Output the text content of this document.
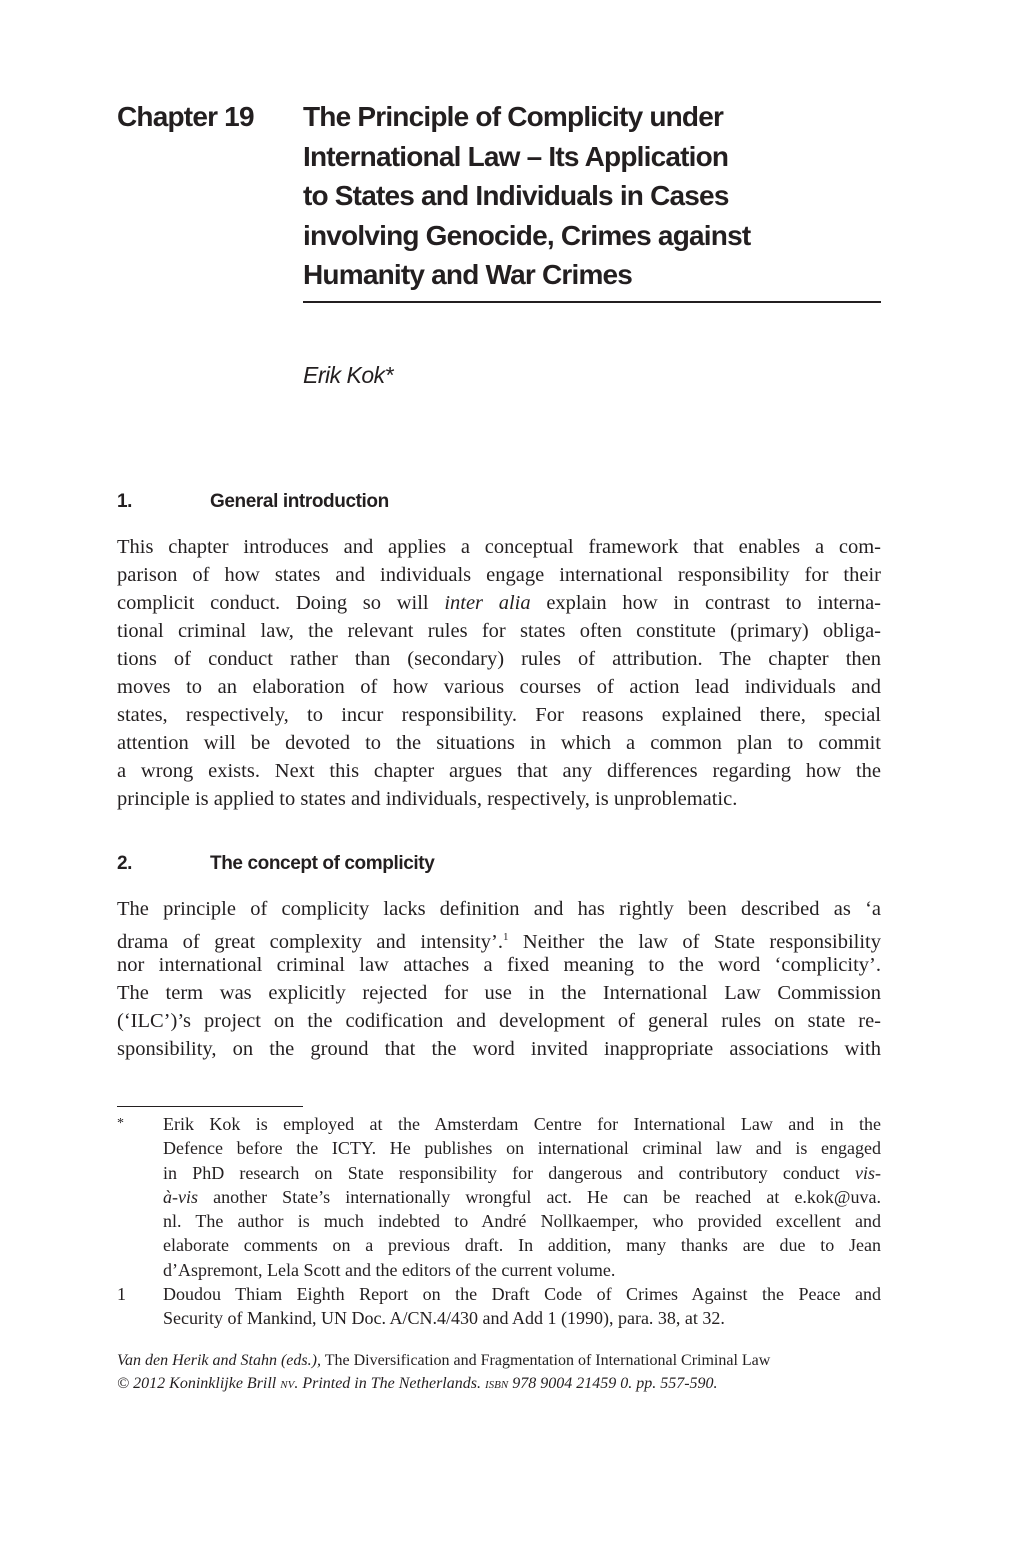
Chapter 19 The Principle of Complicity under
International Law – Its Application
to States and Individuals in Cases
involving Genocide, Crimes against
Humanity and War Crimes
Erik Kok*
1.	General introduction
This chapter introduces and applies a conceptual framework that enables a com-
parison of how states and individuals engage international responsibility for their
complicit conduct. Doing so will inter alia explain how in contrast to interna-
tional criminal law, the relevant rules for states often constitute (primary) obliga-
tions of conduct rather than (secondary) rules of attribution. The chapter then
moves to an elaboration of how various courses of action lead individuals and
states, respectively, to incur responsibility. For reasons explained there, special
attention will be devoted to the situations in which a common plan to commit
a wrong exists. Next this chapter argues that any differences regarding how the
principle is applied to states and individuals, respectively, is unproblematic.
2.	The concept of complicity
The principle of complicity lacks definition and has rightly been described as ‘a
drama of great complexity and intensity’.$^1$ Neither the law of State responsibility
nor international criminal law attaches a fixed meaning to the word ‘complicity’.
The term was explicitly rejected for use in the International Law Commission
(‘ILC’)’s project on the codification and development of general rules on state re-
sponsibility, on the ground that the word invited inappropriate associations with
* Erik Kok is employed at the Amsterdam Centre for International Law and in the
Defence before the ICTY. He publishes on international criminal law and is engaged
in PhD research on State responsibility for dangerous and contributory conduct vis-
à-vis another State’s internationally wrongful act. He can be reached at e.kok@uva.
nl. The author is much indebted to André Nollkaemper, who provided excellent and
elaborate comments on a previous draft. In addition, many thanks are due to Jean
d’Aspremont, Lela Scott and the editors of the current volume.
1 Doudou Thiam Eighth Report on the Draft Code of Crimes Against the Peace and
Security of Mankind, UN Doc. A/CN.4/430 and Add 1 (1990), para. 38, at 32.
Van den Herik and Stahn (eds.), The Diversification and Fragmentation of International Criminal Law
© 2012 Koninklijke Brill nv. Printed in The Netherlands. isbn 978 9004 21459 0. pp. 557-590.
